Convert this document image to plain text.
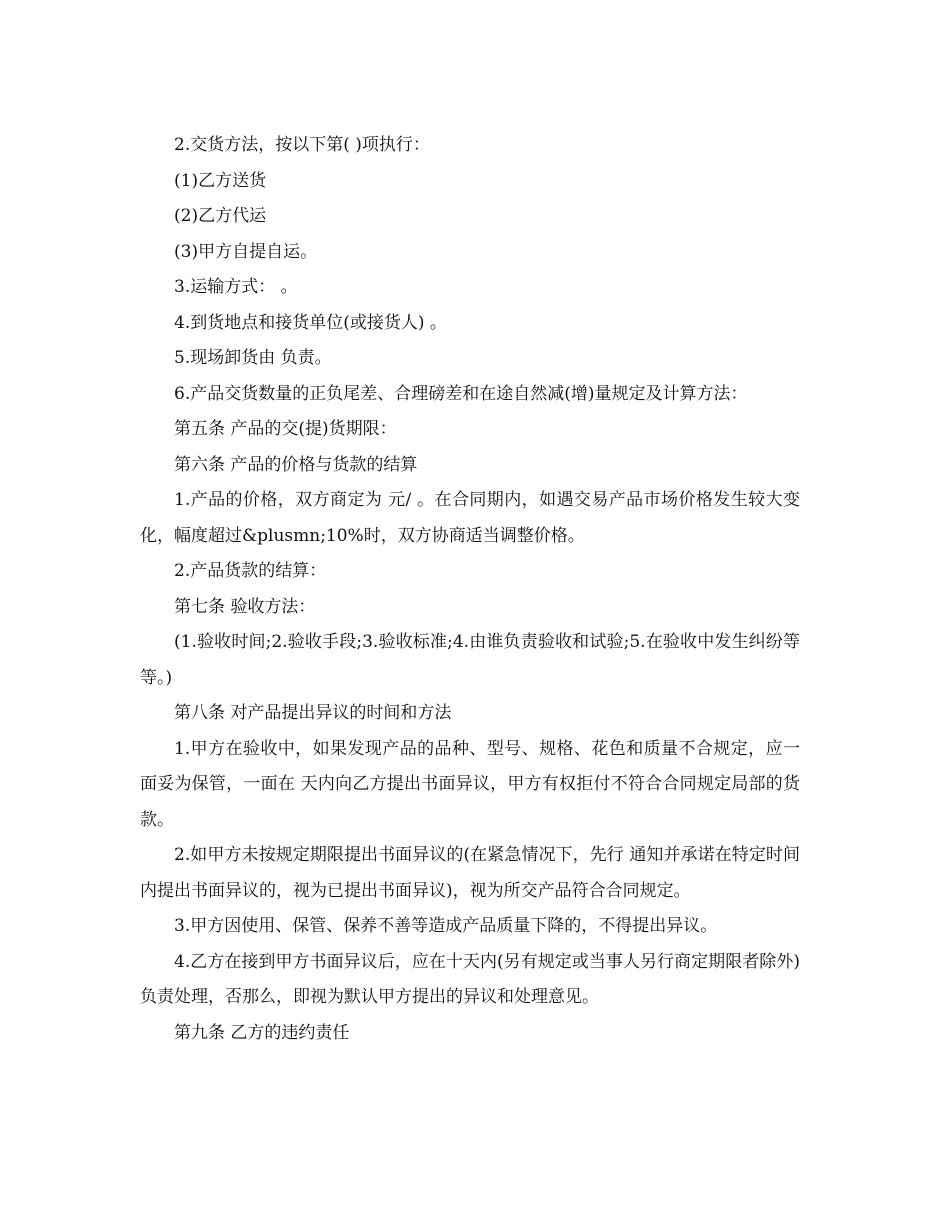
2.交货方法，按以下第( )项执行：

(1)乙方送货

(2)乙方代运

(3)甲方自提自运。

3.运输方式： 。

4.到货地点和接货单位(或接货人) 。

5.现场卸货由 负责。

6.产品交货数量的正负尾差、合理磅差和在途自然减(增)量规定及计算方法：

第五条 产品的交(提)货期限：

第六条 产品的价格与货款的结算

1.产品的价格，双方商定为 元/ 。在合同期内，如遇交易产品市场价格发生较大变化，幅度超过&plusmn;10%时，双方协商适当调整价格。

2.产品货款的结算：

第七条 验收方法：

(1.验收时间;2.验收手段;3.验收标准;4.由谁负责验收和试验;5.在验收中发生纠纷等等。)

第八条 对产品提出异议的时间和方法

1.甲方在验收中，如果发现产品的品种、型号、规格、花色和质量不合规定，应一面妥为保管，一面在 天内向乙方提出书面异议，甲方有权拒付不符合合同规定局部的货款。

2.如甲方未按规定期限提出书面异议的(在紧急情况下，先行 通知并承诺在特定时间内提出书面异议的，视为已提出书面异议)，视为所交产品符合合同规定。

3.甲方因使用、保管、保养不善等造成产品质量下降的，不得提出异议。

4.乙方在接到甲方书面异议后，应在十天内(另有规定或当事人另行商定期限者除外)负责处理，否那么，即视为默认甲方提出的异议和处理意见。

第九条 乙方的违约责任
